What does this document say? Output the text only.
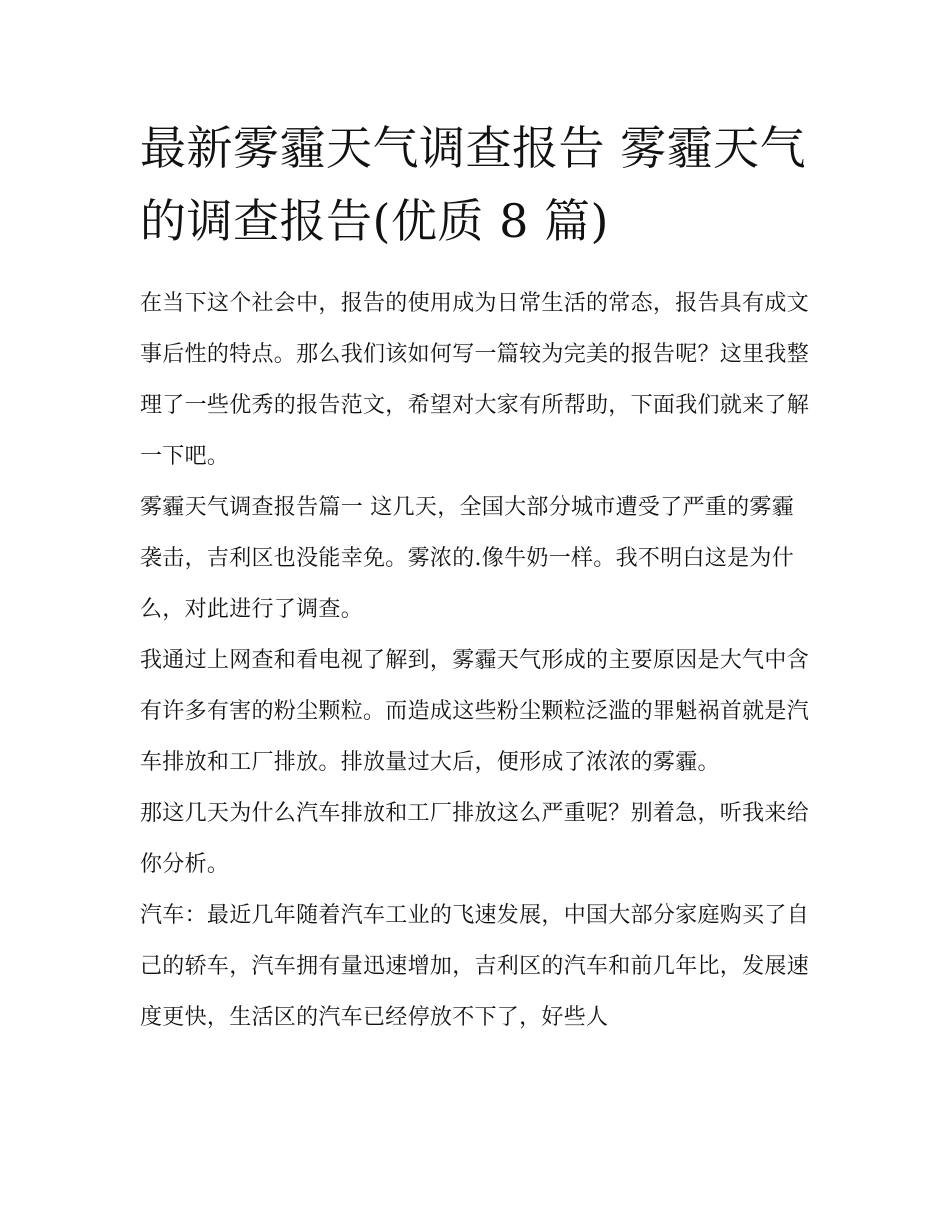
最新雾霾天气调查报告 雾霾天气的调查报告(优质 8 篇)

在当下这个社会中，报告的使用成为日常生活的常态，报告具有成文事后性的特点。那么我们该如何写一篇较为完美的报告呢？这里我整理了一些优秀的报告范文，希望对大家有所帮助，下面我们就来了解一下吧。

雾霾天气调查报告篇一 这几天，全国大部分城市遭受了严重的雾霾袭击，吉利区也没能幸免。雾浓的.像牛奶一样。我不明白这是为什么，对此进行了调查。

我通过上网查和看电视了解到，雾霾天气形成的主要原因是大气中含有许多有害的粉尘颗粒。而造成这些粉尘颗粒泛滥的罪魁祸首就是汽车排放和工厂排放。排放量过大后，便形成了浓浓的雾霾。

那这几天为什么汽车排放和工厂排放这么严重呢？别着急，听我来给你分析。

汽车：最近几年随着汽车工业的飞速发展，中国大部分家庭购买了自己的轿车，汽车拥有量迅速增加，吉利区的汽车和前几年比，发展速度更快，生活区的汽车已经停放不下了，好些人
